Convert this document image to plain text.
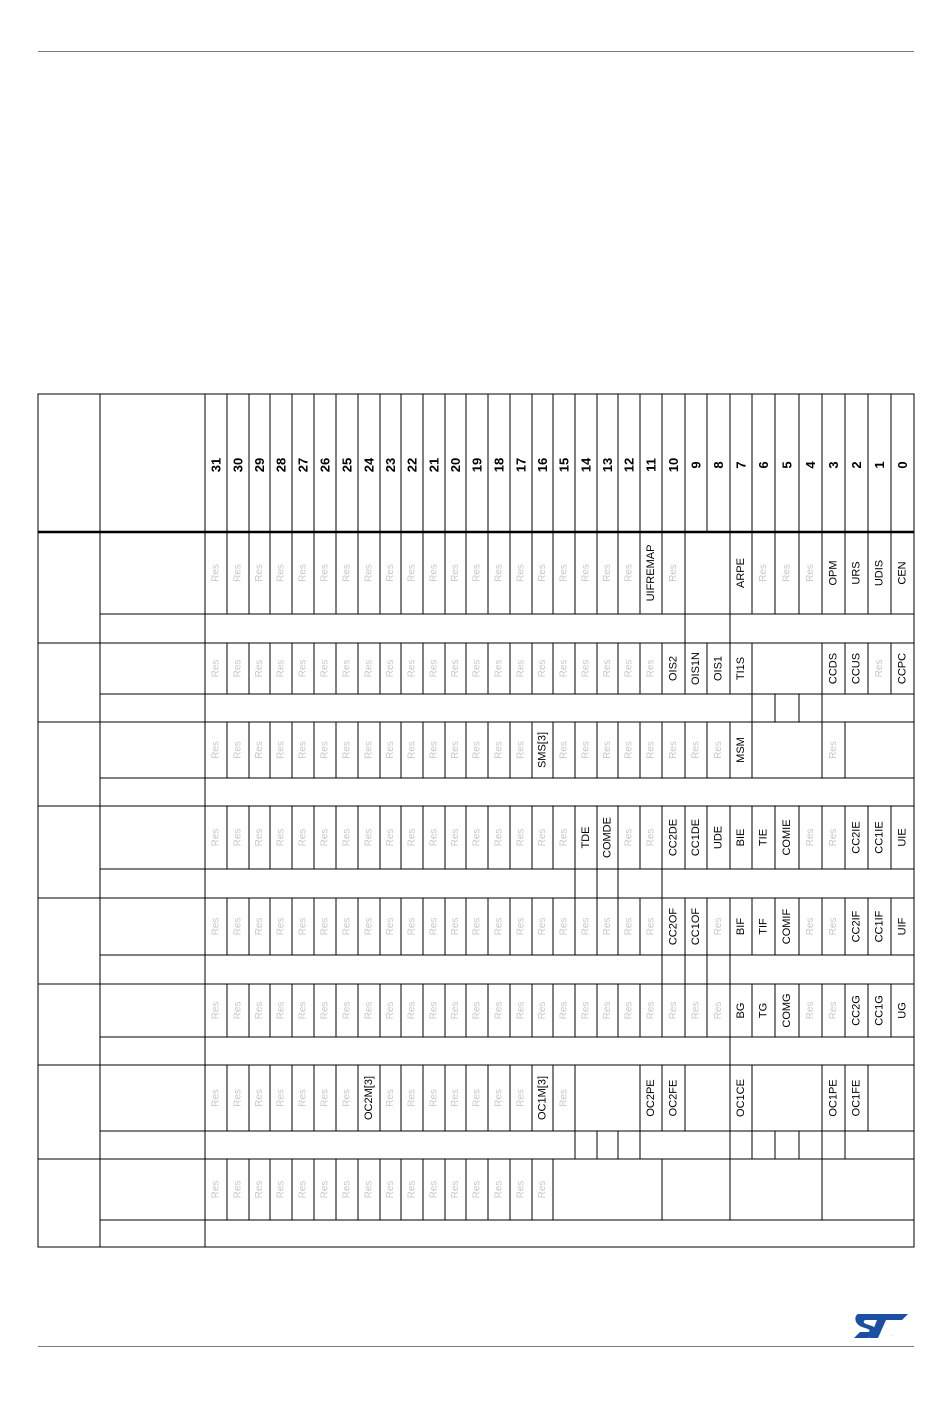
31 30 29 28 27 26 25 24 23 22 21 20 19 18 17 16 15 14 13 12 11 10 9 8 7 6 5 4 3 2 1 0
Res Res Res Res Res Res Res Res Res Res Res Res Res Res Res Res Res Res Res Res UIFREMAP Res	ARPE Res Res Res OPM URS UDIS CEN
Res Res Res Res Res Res Res Res Res Res Res Res Res Res Res Res Res Res Res Res Res OIS2 OIS1N OIS1 TI1S	CCDS CCUS Res CCPC
Res Res Res Res Res Res Res Res Res Res Res Res Res Res Res SMS[3] Res Res Res Res Res Res Res Res MSM	Res
Res Res Res Res Res Res Res Res Res Res Res Res Res Res Res Res Res TDE COMDE Res Res CC2DE CC1DE UDE BIE TIE COMIE Res Res CC2IE CC1IE UIE
Res Res Res Res Res Res Res Res Res Res Res Res Res Res Res Res Res Res Res Res Res CC2OF CC1OF Res BIF TIF COMIF Res Res CC2IF CC1IF UIF
Res Res Res Res Res Res Res Res Res Res Res Res Res Res Res Res Res Res Res Res Res Res Res Res BG TG COMG Res Res CC2G CC1G UG
Res Res Res Res Res Res Res OC2M[3] Res Res Res Res Res Res Res OC1M[3] Res	OC2PE OC2FE	OC1CE	OC1PE OC1FE
Res Res Res Res Res Res Res Res Res Res Res Res Res Res Res Res
ST
